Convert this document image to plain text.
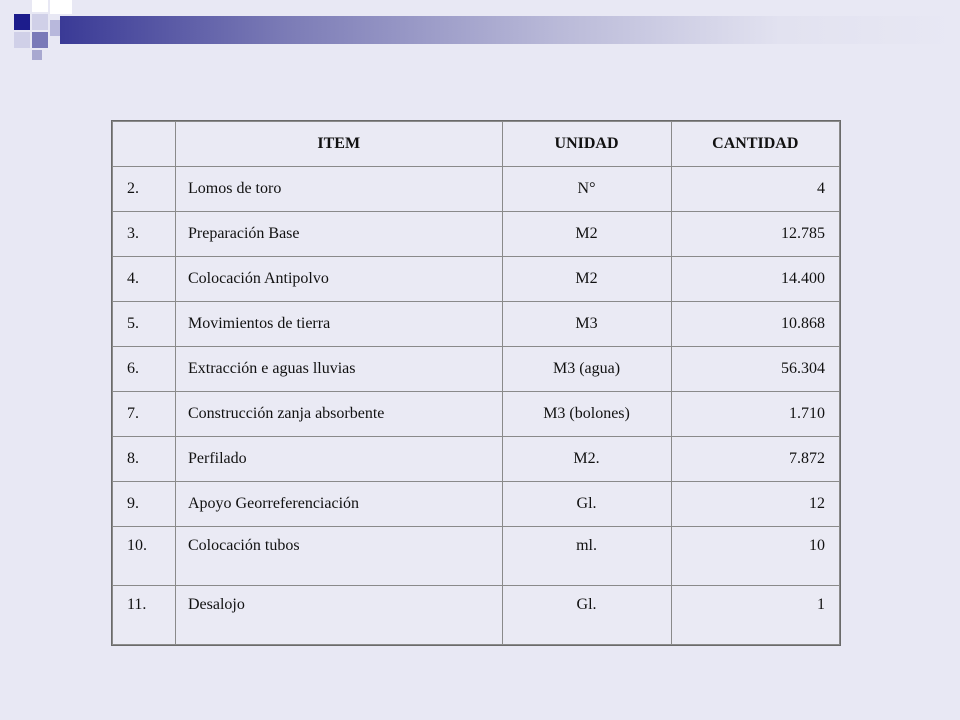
	ITEM	UNIDAD	CANTIDAD
2.	Lomos de toro	N°	4
3.	Preparación Base	M2	12.785
4.	Colocación Antipolvo	M2	14.400
5.	Movimientos de tierra	M3	10.868
6.	Extracción e aguas lluvias	M3 (agua)	56.304
7.	Construcción zanja absorbente	M3 (bolones)	1.710
8.	Perfilado	M2.	7.872
9.	Apoyo Georreferenciación	Gl.	12
10.	Colocación tubos	ml.	10
11.	Desalojo	Gl.	1
